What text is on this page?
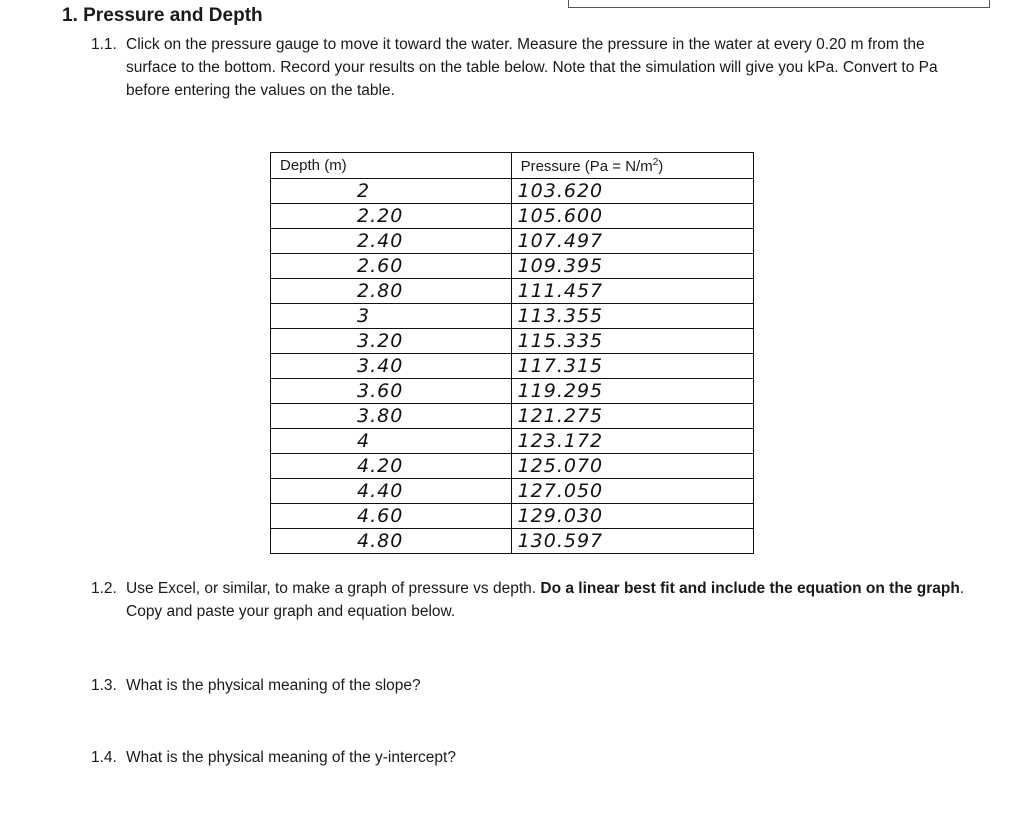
1. Pressure and Depth
1.1. Click on the pressure gauge to move it toward the water. Measure the pressure in the water at every 0.20 m from the surface to the bottom. Record your results on the table below. Note that the simulation will give you kPa. Convert to Pa before entering the values on the table.
Depth (m)	Pressure $(Pa = N/m^2)$

2	103.620

2.20	105.600

2.40	107.497

2.60	109.395

2.80	111.457

3	113.355

3.20	115.335

3.40	117.315

3.60	119.295

3.80	121.275

4	123.172

4.20	125.070

4.40	127.050

4.60	129.030

4.80	130.597
1.2. Use Excel, or similar, to make a graph of pressure vs depth. Do a linear best fit and include the equation on the graph. Copy and paste your graph and equation below.
1.3. What is the physical meaning of the slope?
1.4. What is the physical meaning of the y-intercept?
